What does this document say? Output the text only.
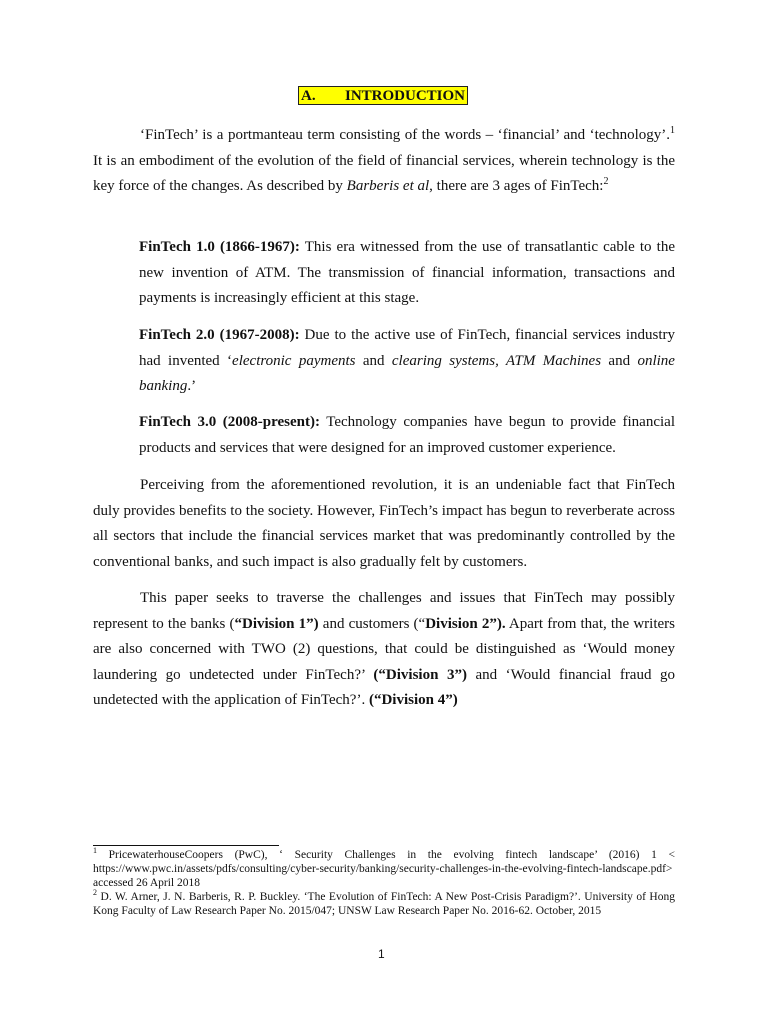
A. INTRODUCTION

‘FinTech’ is a portmanteau term consisting of the words – ‘financial’ and ‘technology’.$^1$ It is an embodiment of the evolution of the field of financial services, wherein technology is the key force of the changes. As described by Barberis et al, there are 3 ages of FinTech:$^2$

FinTech 1.0 (1866-1967): This era witnessed from the use of transatlantic cable to the new invention of ATM. The transmission of financial information, transactions and payments is increasingly efficient at this stage.

FinTech 2.0 (1967-2008): Due to the active use of FinTech, financial services industry had invented ‘electronic payments and clearing systems, ATM Machines and online banking.’

FinTech 3.0 (2008-present): Technology companies have begun to provide financial products and services that were designed for an improved customer experience.

Perceiving from the aforementioned revolution, it is an undeniable fact that FinTech duly provides benefits to the society. However, FinTech’s impact has begun to reverberate across all sectors that include the financial services market that was predominantly controlled by the conventional banks, and such impact is also gradually felt by customers.

This paper seeks to traverse the challenges and issues that FinTech may possibly represent to the banks (“Division 1”) and customers (“Division 2”). Apart from that, the writers are also concerned with TWO (2) questions, that could be distinguished as ‘Would money laundering go undetected under FinTech?’ (“Division 3”) and ‘Would financial fraud go undetected with the application of FinTech?’. (“Division 4”)

$^1$ PricewaterhouseCoopers (PwC), ‘ Security Challenges in the evolving fintech landscape’ (2016) 1 < https://www.pwc.in/assets/pdfs/consulting/cyber-security/banking/security-challenges-in-the-evolving-fintech-landscape.pdf> accessed 26 April 2018

$^2$ D. W. Arner, J. N. Barberis, R. P. Buckley. ‘The Evolution of FinTech: A New Post-Crisis Paradigm?’. University of Hong Kong Faculty of Law Research Paper No. 2015/047; UNSW Law Research Paper No. 2016-62. October, 2015

1
